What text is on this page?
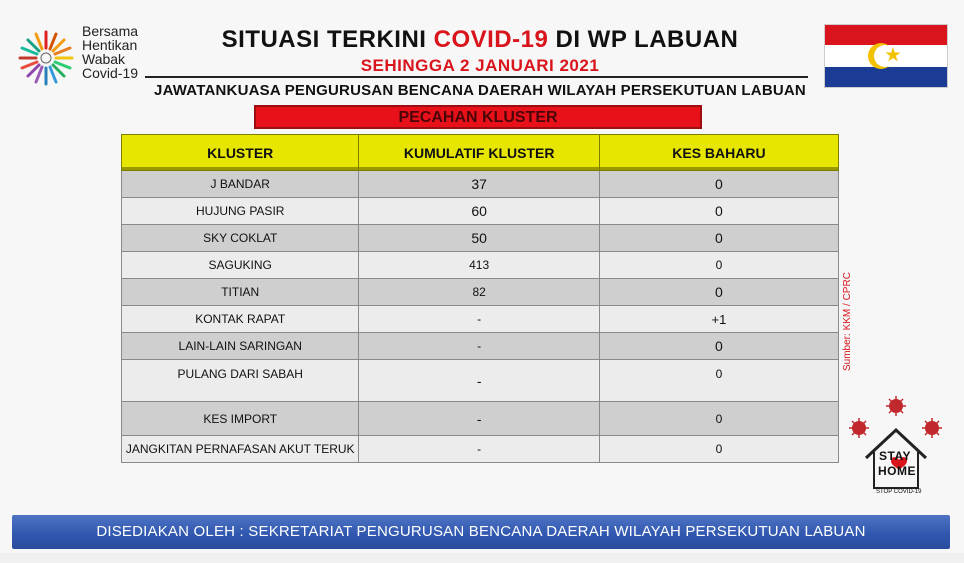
Bersama
Hentikan
Wabak
Covid-19
SITUASI TERKINI COVID-19 DI WP LABUAN
SEHINGGA 2 JANUARI 2021
JAWATANKUASA PENGURUSAN BENCANA DAERAH WILAYAH PERSEKUTUAN LABUAN
PECAHAN KLUSTER
KLUSTER	KUMULATIF KLUSTER	KES BAHARU
J BANDAR	37	0
HUJUNG PASIR	60	0
SKY COKLAT	50	0
SAGUKING	413	0
TITIAN	82	0
KONTAK RAPAT	-	+1
LAIN-LAIN SARINGAN	-	0
PULANG DARI SABAH	-	0
KES IMPORT	-	0
JANGKITAN PERNAFASAN AKUT TERUK	-	0
Sumber: KKM / CPRC
STAY
HOME
STOP COVID-19
DISEDIAKAN OLEH : SEKRETARIAT PENGURUSAN BENCANA DAERAH WILAYAH PERSEKUTUAN LABUAN
